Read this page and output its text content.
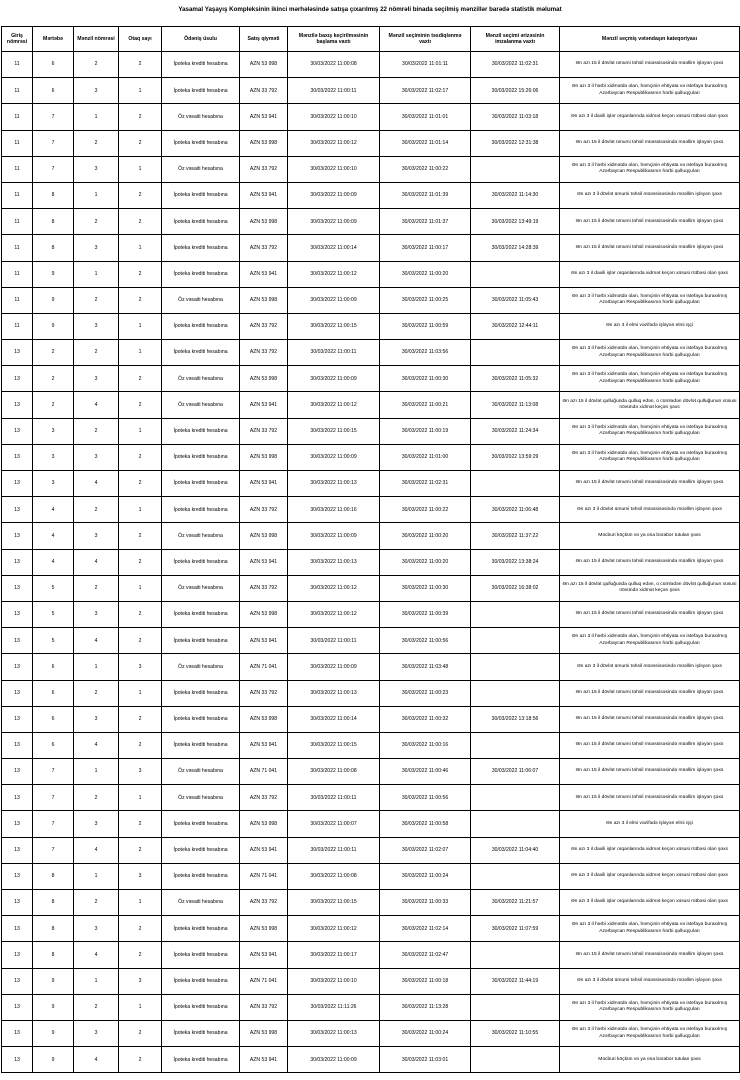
Yasamal Yaşayış Kompleksinin ikinci mərhələsində satışa çıxarılmış 22 nömrəli binada seçilmiş mənzillər barədə statistik məlumat
Giriş nömrəsi	Mərtəbə	Mənzil nömrəsi	Otaq sayı	Ödəniş üsulu	Satış qiyməti	Mənzilə baxış keçirilməsinin başlama vaxtı	Mənzil seçiminin təsdiqlənmə vaxtı	Mənzil seçimi ərizəsinin imzalanma vaxtı	Mənzil seçmiş vətəndaşın kateqoriyası
11	6	2	2	İpoteka krediti hesabına	AZN 53 998	30/03/2022 11:00:08	30/03/2022 11:01:11	30/03/2022 11:02:31	Ən azı 15 il dövlət ümumi təhsil müəssisəsində müəllim işləyən şəxs
11	6	3	1	İpoteka krediti hesabına	AZN 33 792	30/03/2022 11:00:11	30/03/2022 11:02:17	30/03/2022 15:26:06	Ən azı 3 il hərbi xidmətdə olan, həmçinin ehtiyata və istefaya buraxılmış Azərbaycan Respublikasının hərbi qulluqçuları
11	7	1	2	Öz vəsaiti hesabına	AZN 53 941	30/03/2022 11:00:10	30/03/2022 11:01:01	30/03/2022 11:03:18	Ən azı 3 il daxili işlər orqanlarında xidmət keçən xüsusi rütbəsi olan şəxs
11	7	2	2	İpoteka krediti hesabına	AZN 53 998	30/03/2022 11:00:12	30/03/2022 11:01:14	30/03/2022 12:31:38	Ən azı 15 il dövlət ümumi təhsil müəssisəsində müəllim işləyən şəxs
11	7	3	1	Öz vəsaiti hesabına	AZN 33 792	30/03/2022 11:00:10	30/03/2022 11:00:22		Ən azı 3 il hərbi xidmətdə olan, həmçinin ehtiyata və istefaya buraxılmış Azərbaycan Respublikasının hərbi qulluqçuları
11	8	1	2	İpoteka krediti hesabına	AZN 53 941	30/03/2022 11:00:09	30/03/2022 11:01:39	30/03/2022 11:14:30	Ən azı 3 il dövlət ümumi təhsil müəssisəsində müəllim işləyən şəxs
11	8	2	2	İpoteka krediti hesabına	AZN 53 998	30/03/2022 11:00:09	30/03/2022 11:01:37	30/03/2022 13:49:19	Ən azı 15 il dövlət ümumi təhsil müəssisəsində müəllim işləyən şəxs
11	8	3	1	İpoteka krediti hesabına	AZN 33 792	30/03/2022 11:00:14	30/03/2022 11:00:17	30/03/2022 14:28:39	Ən azı 15 il dövlət ümumi təhsil müəssisəsində müəllim işləyən şəxs
11	9	1	2	İpoteka krediti hesabına	AZN 53 941	30/03/2022 11:00:12	30/03/2022 11:00:20		Ən azı 3 il daxili işlər orqanlarında xidmət keçən xüsusi rütbəsi olan şəxs
11	9	2	2	Öz vəsaiti hesabına	AZN 53 998	30/03/2022 11:00:09	30/03/2022 11:00:25	30/03/2022 11:05:43	Ən azı 3 il hərbi xidmətdə olan, həmçinin ehtiyata və istefaya buraxılmış Azərbaycan Respublikasının hərbi qulluqçuları
11	9	3	1	İpoteka krediti hesabına	AZN 33 792	30/03/2022 11:00:15	30/03/2022 11:00:59	30/03/2022 12:44:11	Ən azı 3 il elmi vəzifədə işləyən elmi işçi
13	2	2	1	İpoteka krediti hesabına	AZN 33 792	30/03/2022 11:00:11	30/03/2022 11:03:56		Ən azı 3 il hərbi xidmətdə olan, həmçinin ehtiyata və istefaya buraxılmış Azərbaycan Respublikasının hərbi qulluqçuları
13	2	3	2	Öz vəsaiti hesabına	AZN 53 998	30/03/2022 11:00:09	30/03/2022 11:00:30	30/03/2022 11:05:32	Ən azı 3 il hərbi xidmətdə olan, həmçinin ehtiyata və istefaya buraxılmış Azərbaycan Respublikasının hərbi qulluqçuları
13	2	4	2	Öz vəsaiti hesabına	AZN 53 941	30/03/2022 11:00:12	30/03/2022 11:00:21	30/03/2022 11:13:08	Ən azı 15 il dövlət qulluğunda qulluq edən, o cümlədən dövlət qulluğunun xüsusi növündə xidmət keçən şəxs
13	3	2	1	İpoteka krediti hesabına	AZN 33 792	30/03/2022 11:00:15	30/03/2022 11:00:19	30/03/2022 11:24:34	Ən azı 3 il hərbi xidmətdə olan, həmçinin ehtiyata və istefaya buraxılmış Azərbaycan Respublikasının hərbi qulluqçuları
13	3	3	2	İpoteka krediti hesabına	AZN 53 998	30/03/2022 11:00:09	30/03/2022 11:01:00	30/03/2022 13:59:29	Ən azı 3 il hərbi xidmətdə olan, həmçinin ehtiyata və istefaya buraxılmış Azərbaycan Respublikasının hərbi qulluqçuları
13	3	4	2	İpoteka krediti hesabına	AZN 53 941	30/03/2022 11:00:13	30/03/2022 11:02:31		Ən azı 15 il dövlət ümumi təhsil müəssisəsində müəllim işləyən şəxs
13	4	2	1	İpoteka krediti hesabına	AZN 33 792	30/03/2022 11:00:16	30/03/2022 11:00:22	30/03/2022 11:06:48	Ən azı 3 il dövlət ümumi təhsil müəssisəsində müəllim işləyən şəxs
13	4	3	2	Öz vəsaiti hesabına	AZN 53 998	30/03/2022 11:00:09	30/03/2022 11:00:20	30/03/2022 11:37:22	Məcburi köçkün və ya ona bərabər tutulan şəxs
13	4	4	2	İpoteka krediti hesabına	AZN 53 941	30/03/2022 11:00:13	30/03/2022 11:00:20	30/03/2022 13:38:24	Ən azı 15 il dövlət ümumi təhsil müəssisəsində müəllim işləyən şəxs
13	5	2	1	Öz vəsaiti hesabına	AZN 33 792	30/03/2022 11:00:12	30/03/2022 11:00:30	30/03/2022 16:38:02	Ən azı 15 il dövlət qulluğunda qulluq edən, o cümlədən dövlət qulluğunun xüsusi növündə xidmət keçən şəxs
13	5	3	2	İpoteka krediti hesabına	AZN 53 998	30/03/2022 11:00:12	30/03/2022 11:00:39		Ən azı 15 il dövlət ümumi təhsil müəssisəsində müəllim işləyən şəxs
13	5	4	2	İpoteka krediti hesabına	AZN 53 941	30/03/2022 11:00:11	30/03/2022 11:00:56		Ən azı 3 il hərbi xidmətdə olan, həmçinin ehtiyata və istefaya buraxılmış Azərbaycan Respublikasının hərbi qulluqçuları
13	6	1	3	Öz vəsaiti hesabına	AZN 71 041	30/03/2022 11:00:09	30/03/2022 11:03:48		Ən azı 3 il dövlət ümumi təhsil müəssisəsində müəllim işləyən şəxs
13	6	2	1	İpoteka krediti hesabına	AZN 33 792	30/03/2022 11:00:13	30/03/2022 11:00:23		Ən azı 15 il dövlət ümumi təhsil müəssisəsində müəllim işləyən şəxs
13	6	3	2	İpoteka krediti hesabına	AZN 53 998	30/03/2022 11:00:14	30/03/2022 11:00:32	30/03/2022 13:18:56	Ən azı 15 il dövlət ümumi təhsil müəssisəsində müəllim işləyən şəxs
13	6	4	2	İpoteka krediti hesabına	AZN 53 941	30/03/2022 11:00:15	30/03/2022 11:00:16		Ən azı 15 il dövlət ümumi təhsil müəssisəsində müəllim işləyən şəxs
13	7	1	3	Öz vəsaiti hesabına	AZN 71 041	30/03/2022 11:00:08	30/03/2022 11:00:46	30/03/2022 11:06:07	Ən azı 15 il dövlət ümumi təhsil müəssisəsində müəllim işləyən şəxs
13	7	2	1	Öz vəsaiti hesabına	AZN 33 792	30/03/2022 11:00:11	30/03/2022 11:00:56		Ən azı 15 il dövlət ümumi təhsil müəssisəsində müəllim işləyən şəxs
13	7	3	2	İpoteka krediti hesabına	AZN 53 998	30/03/2022 11:00:07	30/03/2022 11:00:58		Ən azı 3 il elmi vəzifədə işləyən elmi işçi
13	7	4	2	İpoteka krediti hesabına	AZN 53 941	30/03/2022 11:00:11	30/03/2022 11:02:07	30/03/2022 11:04:40	Ən azı 3 il daxili işlər orqanlarında xidmət keçən xüsusi rütbəsi olan şəxs
13	8	1	3	İpoteka krediti hesabına	AZN 71 041	30/03/2022 11:00:08	30/03/2022 11:00:24		Ən azı 3 il daxili işlər orqanlarında xidmət keçən xüsusi rütbəsi olan şəxs
13	8	2	1	Öz vəsaiti hesabına	AZN 33 792	30/03/2022 11:00:15	30/03/2022 11:00:33	30/03/2022 11:21:57	Ən azı 3 il daxili işlər orqanlarında xidmət keçən xüsusi rütbəsi olan şəxs
13	8	3	2	İpoteka krediti hesabına	AZN 53 998	30/03/2022 11:00:12	30/03/2022 11:02:14	30/03/2022 11:07:59	Ən azı 3 il hərbi xidmətdə olan, həmçinin ehtiyata və istefaya buraxılmış Azərbaycan Respublikasının hərbi qulluqçuları
13	8	4	2	İpoteka krediti hesabına	AZN 53 941	30/03/2022 11:00:17	30/03/2022 11:02:47		Ən azı 15 il dövlət ümumi təhsil müəssisəsində müəllim işləyən şəxs
13	9	1	3	İpoteka krediti hesabına	AZN 71 041	30/03/2022 11:00:10	30/03/2022 11:00:18	30/03/2022 11:44:19	Ən azı 3 il dövlət ümumi təhsil müəssisəsində müəllim işləyən şəxs
13	9	2	1	İpoteka krediti hesabına	AZN 33 792	30/03/2022 11:11:26	30/03/2022 11:13:28		Ən azı 3 il hərbi xidmətdə olan, həmçinin ehtiyata və istefaya buraxılmış Azərbaycan Respublikasının hərbi qulluqçuları
13	9	3	2	İpoteka krediti hesabına	AZN 53 998	30/03/2022 11:00:13	30/03/2022 11:00:24	30/03/2022 11:10:55	Ən azı 3 il hərbi xidmətdə olan, həmçinin ehtiyata və istefaya buraxılmış Azərbaycan Respublikasının hərbi qulluqçuları
13	9	4	2	İpoteka krediti hesabına	AZN 53 941	30/03/2022 11:00:09	30/03/2022 11:03:01		Məcburi köçkün və ya ona bərabər tutulan şəxs
